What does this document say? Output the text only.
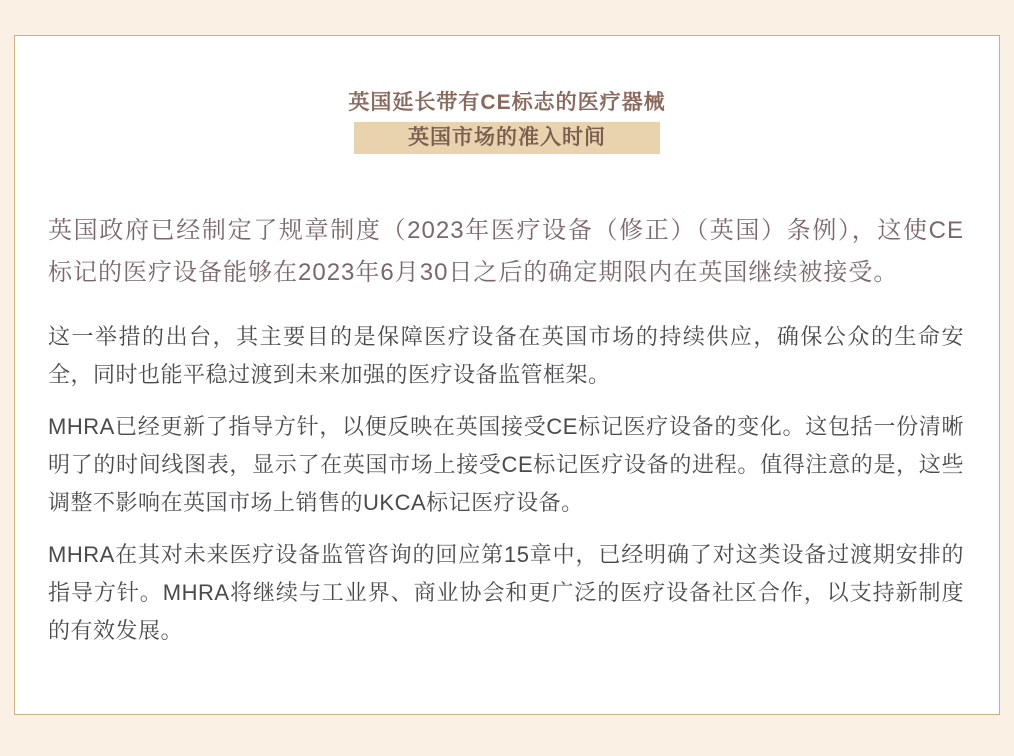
英国延长带有CE标志的医疗器械
英国市场的准入时间

英国政府已经制定了规章制度（2023年医疗设备（修正）（英国）条例），这使CE标记的医疗设备能够在2023年6月30日之后的确定期限内在英国继续被接受。

这一举措的出台，其主要目的是保障医疗设备在英国市场的持续供应，确保公众的生命安全，同时也能平稳过渡到未来加强的医疗设备监管框架。

MHRA已经更新了指导方针，以便反映在英国接受CE标记医疗设备的变化。这包括一份清晰明了的时间线图表，显示了在英国市场上接受CE标记医疗设备的进程。值得注意的是，这些调整不影响在英国市场上销售的UKCA标记医疗设备。

MHRA在其对未来医疗设备监管咨询的回应第15章中，已经明确了对这类设备过渡期安排的指导方针。MHRA将继续与工业界、商业协会和更广泛的医疗设备社区合作，以支持新制度的有效发展。
